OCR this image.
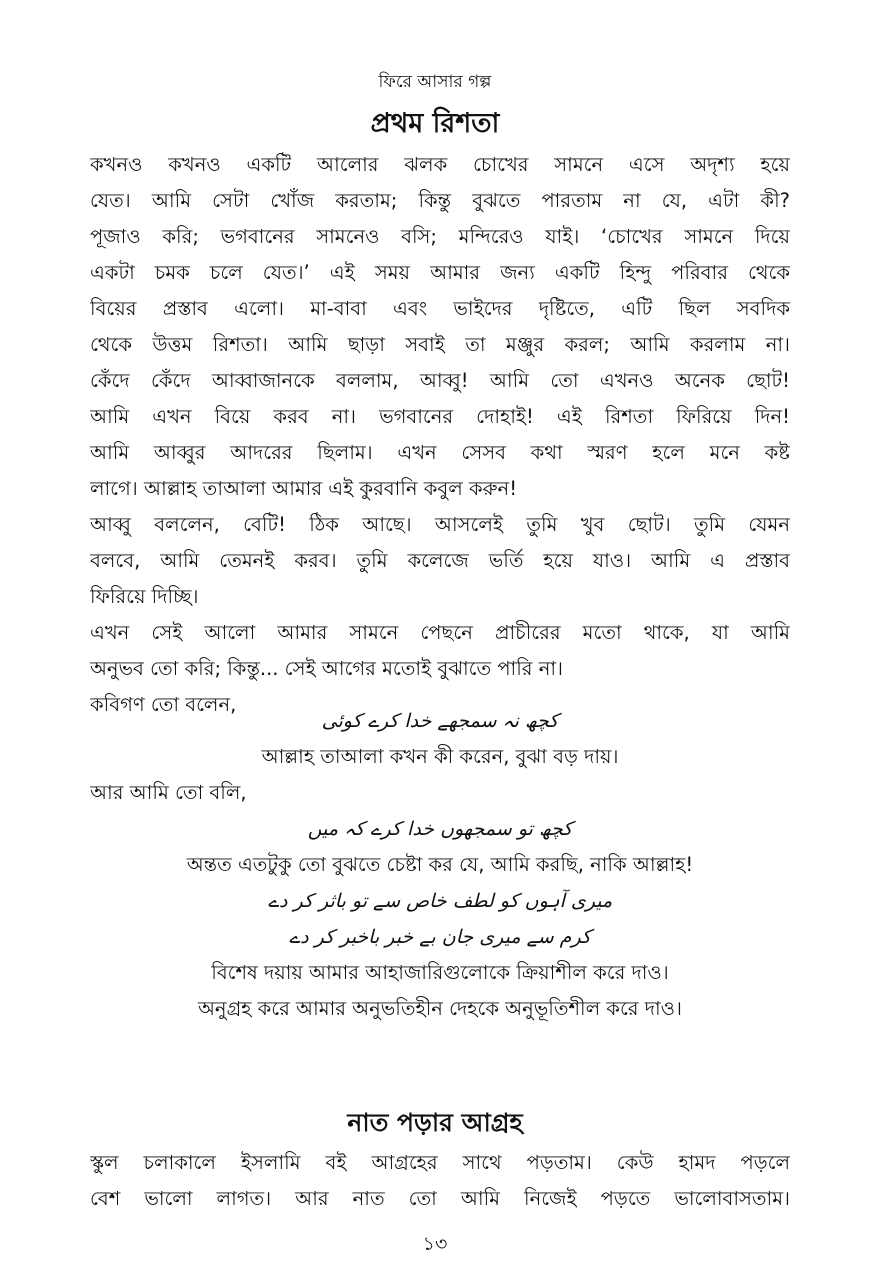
ফিরে আসার গল্প
প্রথম রিশতা
কখনও কখনও একটি আলোর ঝলক চোখের সামনে এসে অদৃশ্য হয়ে
যেত। আমি সেটা খোঁজ করতাম; কিন্তু বুঝতে পারতাম না যে, এটা কী?
পূজাও করি; ভগবানের সামনেও বসি; মন্দিরেও যাই। ‘চোখের সামনে দিয়ে
একটা চমক চলে যেত।’ এই সময় আমার জন্য একটি হিন্দু পরিবার থেকে
বিয়ের প্রস্তাব এলো। মা-বাবা এবং ভাইদের দৃষ্টিতে, এটি ছিল সবদিক
থেকে উত্তম রিশতা। আমি ছাড়া সবাই তা মঞ্জুর করল; আমি করলাম না।
কেঁদে কেঁদে আব্বাজানকে বললাম, আব্বু! আমি তো এখনও অনেক ছোট!
আমি এখন বিয়ে করব না। ভগবানের দোহাই! এই রিশতা ফিরিয়ে দিন!
আমি আব্বুর আদরের ছিলাম। এখন সেসব কথা স্মরণ হলে মনে কষ্ট
লাগে। আল্লাহ তাআলা আমার এই কুরবানি কবুল করুন!
আব্বু বললেন, বেটি! ঠিক আছে। আসলেই তুমি খুব ছোট। তুমি যেমন
বলবে, আমি তেমনই করব। তুমি কলেজে ভর্তি হয়ে যাও। আমি এ প্রস্তাব
ফিরিয়ে দিচ্ছি।
এখন সেই আলো আমার সামনে পেছনে প্রাচীরের মতো থাকে, যা আমি
অনুভব তো করি; কিন্তু... সেই আগের মতোই বুঝাতে পারি না।
কবিগণ তো বলেন,
کچھ نہ سمجھے خدا کرے کوئی
আল্লাহ তাআলা কখন কী করেন, বুঝা বড় দায়।
আর আমি তো বলি,
کچھ تو سمجھوں خدا کرے کہ میں
অন্তত এতটুকু তো বুঝতে চেষ্টা কর যে, আমি করছি, নাকি আল্লাহ!
میری آہوں کو لطف خاص سے تو باثر کر دے
کرم سے میری جان بے خبر باخبر کر دے
বিশেষ দয়ায় আমার আহাজারিগুলোকে ক্রিয়াশীল করে দাও।
অনুগ্রহ করে আমার অনুভতিহীন দেহকে অনুভূতিশীল করে দাও।
নাত পড়ার আগ্রহ
স্কুল চলাকালে ইসলামি বই আগ্রহের সাথে পড়তাম। কেউ হামদ পড়লে
বেশ ভালো লাগত। আর নাত তো আমি নিজেই পড়তে ভালোবাসতাম।
১৩
